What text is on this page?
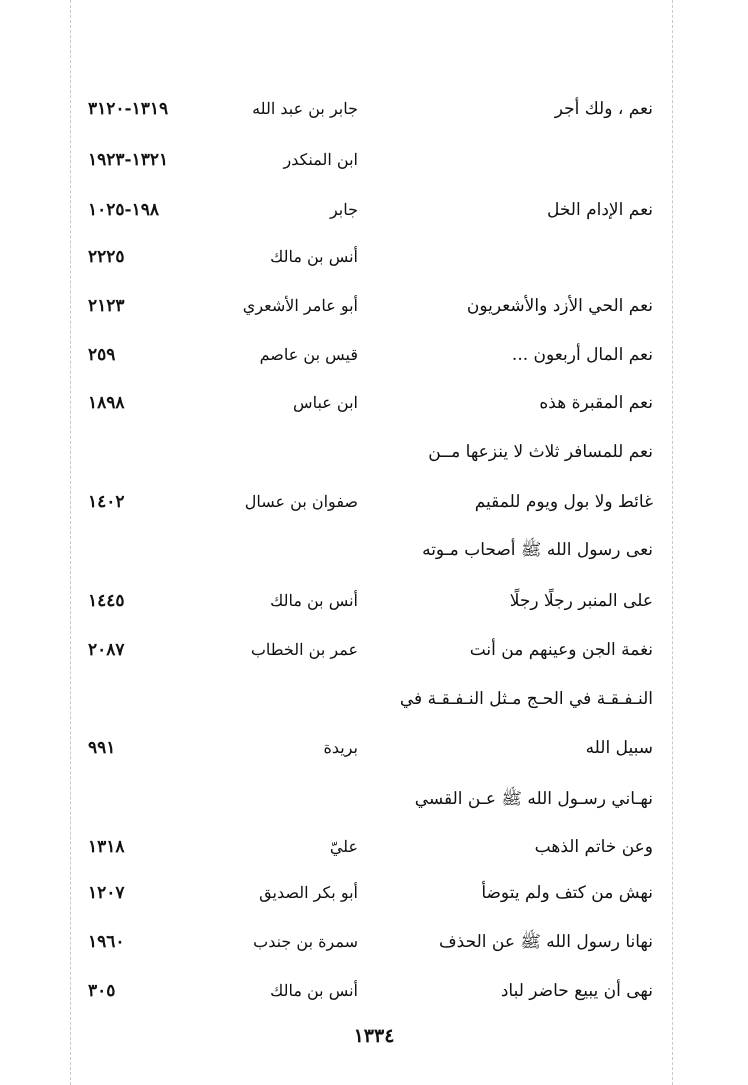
نعم ، ولك أجر
جابر بن عبد الله
١٣١٩-٣١٢٠
ابن المنكدر
١٣٢١-١٩٢٣
نعم الإدام الخل
جابر
١٩٨-١٠٢٥
أنس بن مالك
٢٢٢٥
نعم الحي الأزد والأشعريون
أبو عامر الأشعري
٢١٢٣
نعم المال أربعون ...
قيس بن عاصم
٢٥٩
نعم المقبرة هذه
ابن عباس
١٨٩٨
نعم للمسافر ثلاث لا ينزعها مــن
غائط ولا بول ويوم للمقيم
صفوان بن عسال
١٤٠٢
نعى رسول الله ﷺ أصحاب مـوته
على المنبر رجلًا رجلًا
أنس بن مالك
١٤٤٥
نغمة الجن وعينهم من أنت
عمر بن الخطاب
٢٠٨٧
النـفـقـة في الحـج مـثل النـفـقـة في
سبيل الله
بريدة
٩٩١
نهـاني رسـول الله ﷺ عـن القسي
وعن خاتم الذهب
عليّ
١٣١٨
نهش من كتف ولم يتوضأ
أبو بكر الصديق
١٢٠٧
نهانا رسول الله ﷺ عن الحذف
سمرة بن جندب
١٩٦٠
نهى أن يبيع حاضر لباد
أنس بن مالك
٣٠٥
١٣٣٤
